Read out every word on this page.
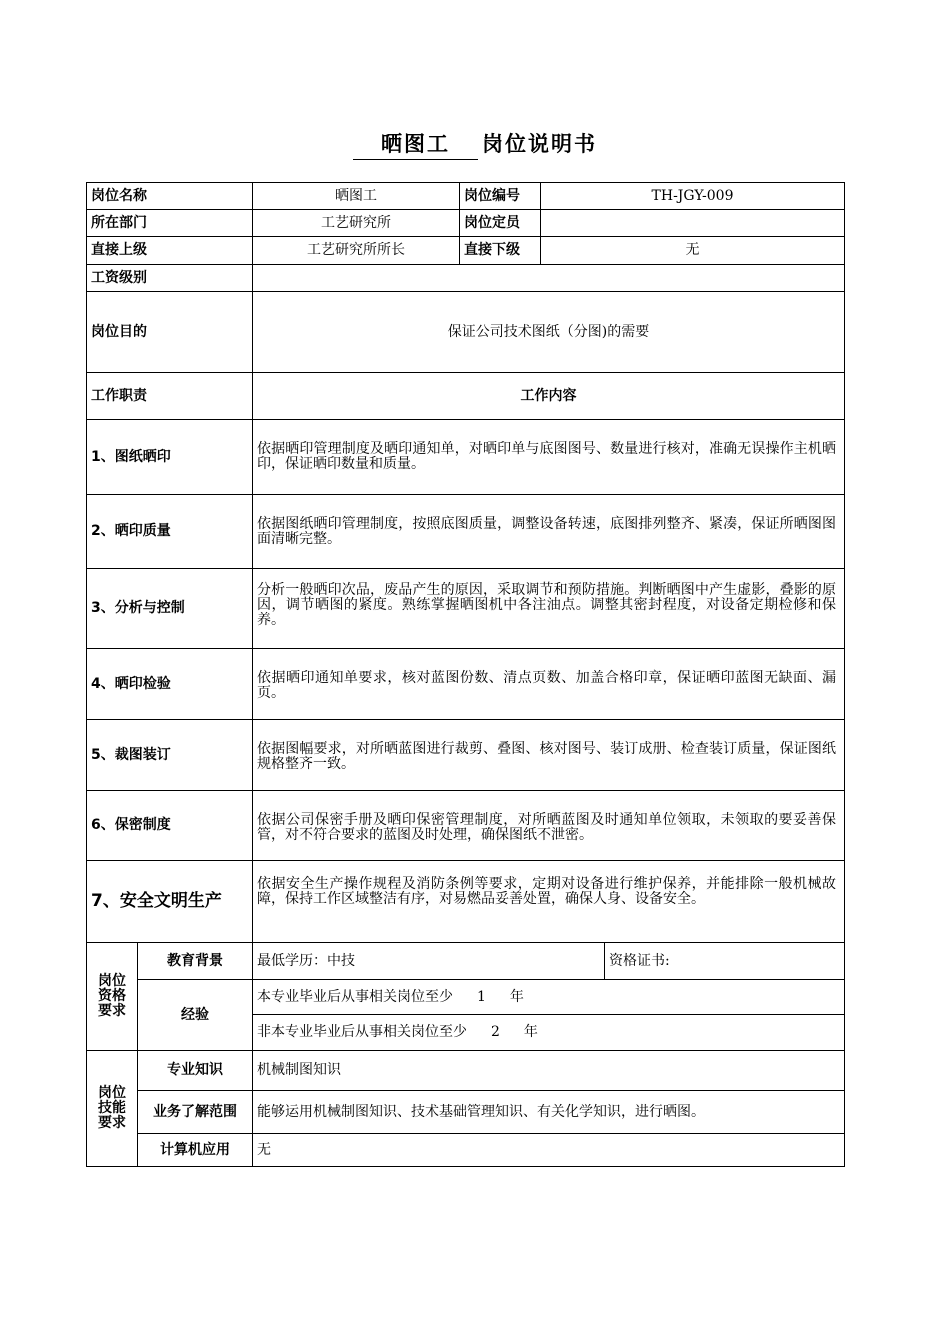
晒图工 岗位说明书
岗位名称		晒图工	岗位编号	TH-JGY-009	
所在部门		工艺研究所	岗位定员		
直接上级		工艺研究所所长	直接下级	无	
工资级别					
岗位目的		保证公司技术图纸（分图)的需要			
工作职责		工作内容			
1、图纸晒印		依据晒印管理制度及晒印通知单，对晒印单与底图图号、数量进行核对，准确无误操作主机晒印，保证晒印数量和质量。			

2、晒印质量		依据图纸晒印管理制度，按照底图质量，调整设备转速，底图排列整齐、紧凑，保证所晒图图面清晰完整。			

3、分析与控制		分析一般晒印次品，废品产生的原因，采取调节和预防措施。判断晒图中产生虚影，叠影的原因，调节晒图的紧度。熟练掌握晒图机中各注油点。调整其密封程度，对设备定期检修和保养。			

4、晒印检验		依据晒印通知单要求，核对蓝图份数、清点页数、加盖合格印章，保证晒印蓝图无缺面、漏页。			

5、裁图装订		依据图幅要求，对所晒蓝图进行裁剪、叠图、核对图号、装订成册、检查装订质量，保证图纸规格整齐一致。			

6、保密制度		依据公司保密手册及晒印保密管理制度，对所晒蓝图及时通知单位领取，未领取的要妥善保管，对不符合要求的蓝图及时处理，确保图纸不泄密。			

7、安全文明生产		依据安全生产操作规程及消防条例等要求，定期对设备进行维护保养，并能排除一般机械故障，保持工作区域整洁有序，对易燃品妥善处置，确保人身、设备安全。			

岗位资格要求	教育背景	最低学历：中技			资格证书:
	经验	本专业毕业后从事相关岗位至少 1 年			
		非本专业毕业后从事相关岗位至少 2 年			
岗位技能要求	专业知识	机械制图知识			
	业务了解范围	能够运用机械制图知识、技术基础管理知识、有关化学知识，进行晒图。			
	计算机应用	无			
